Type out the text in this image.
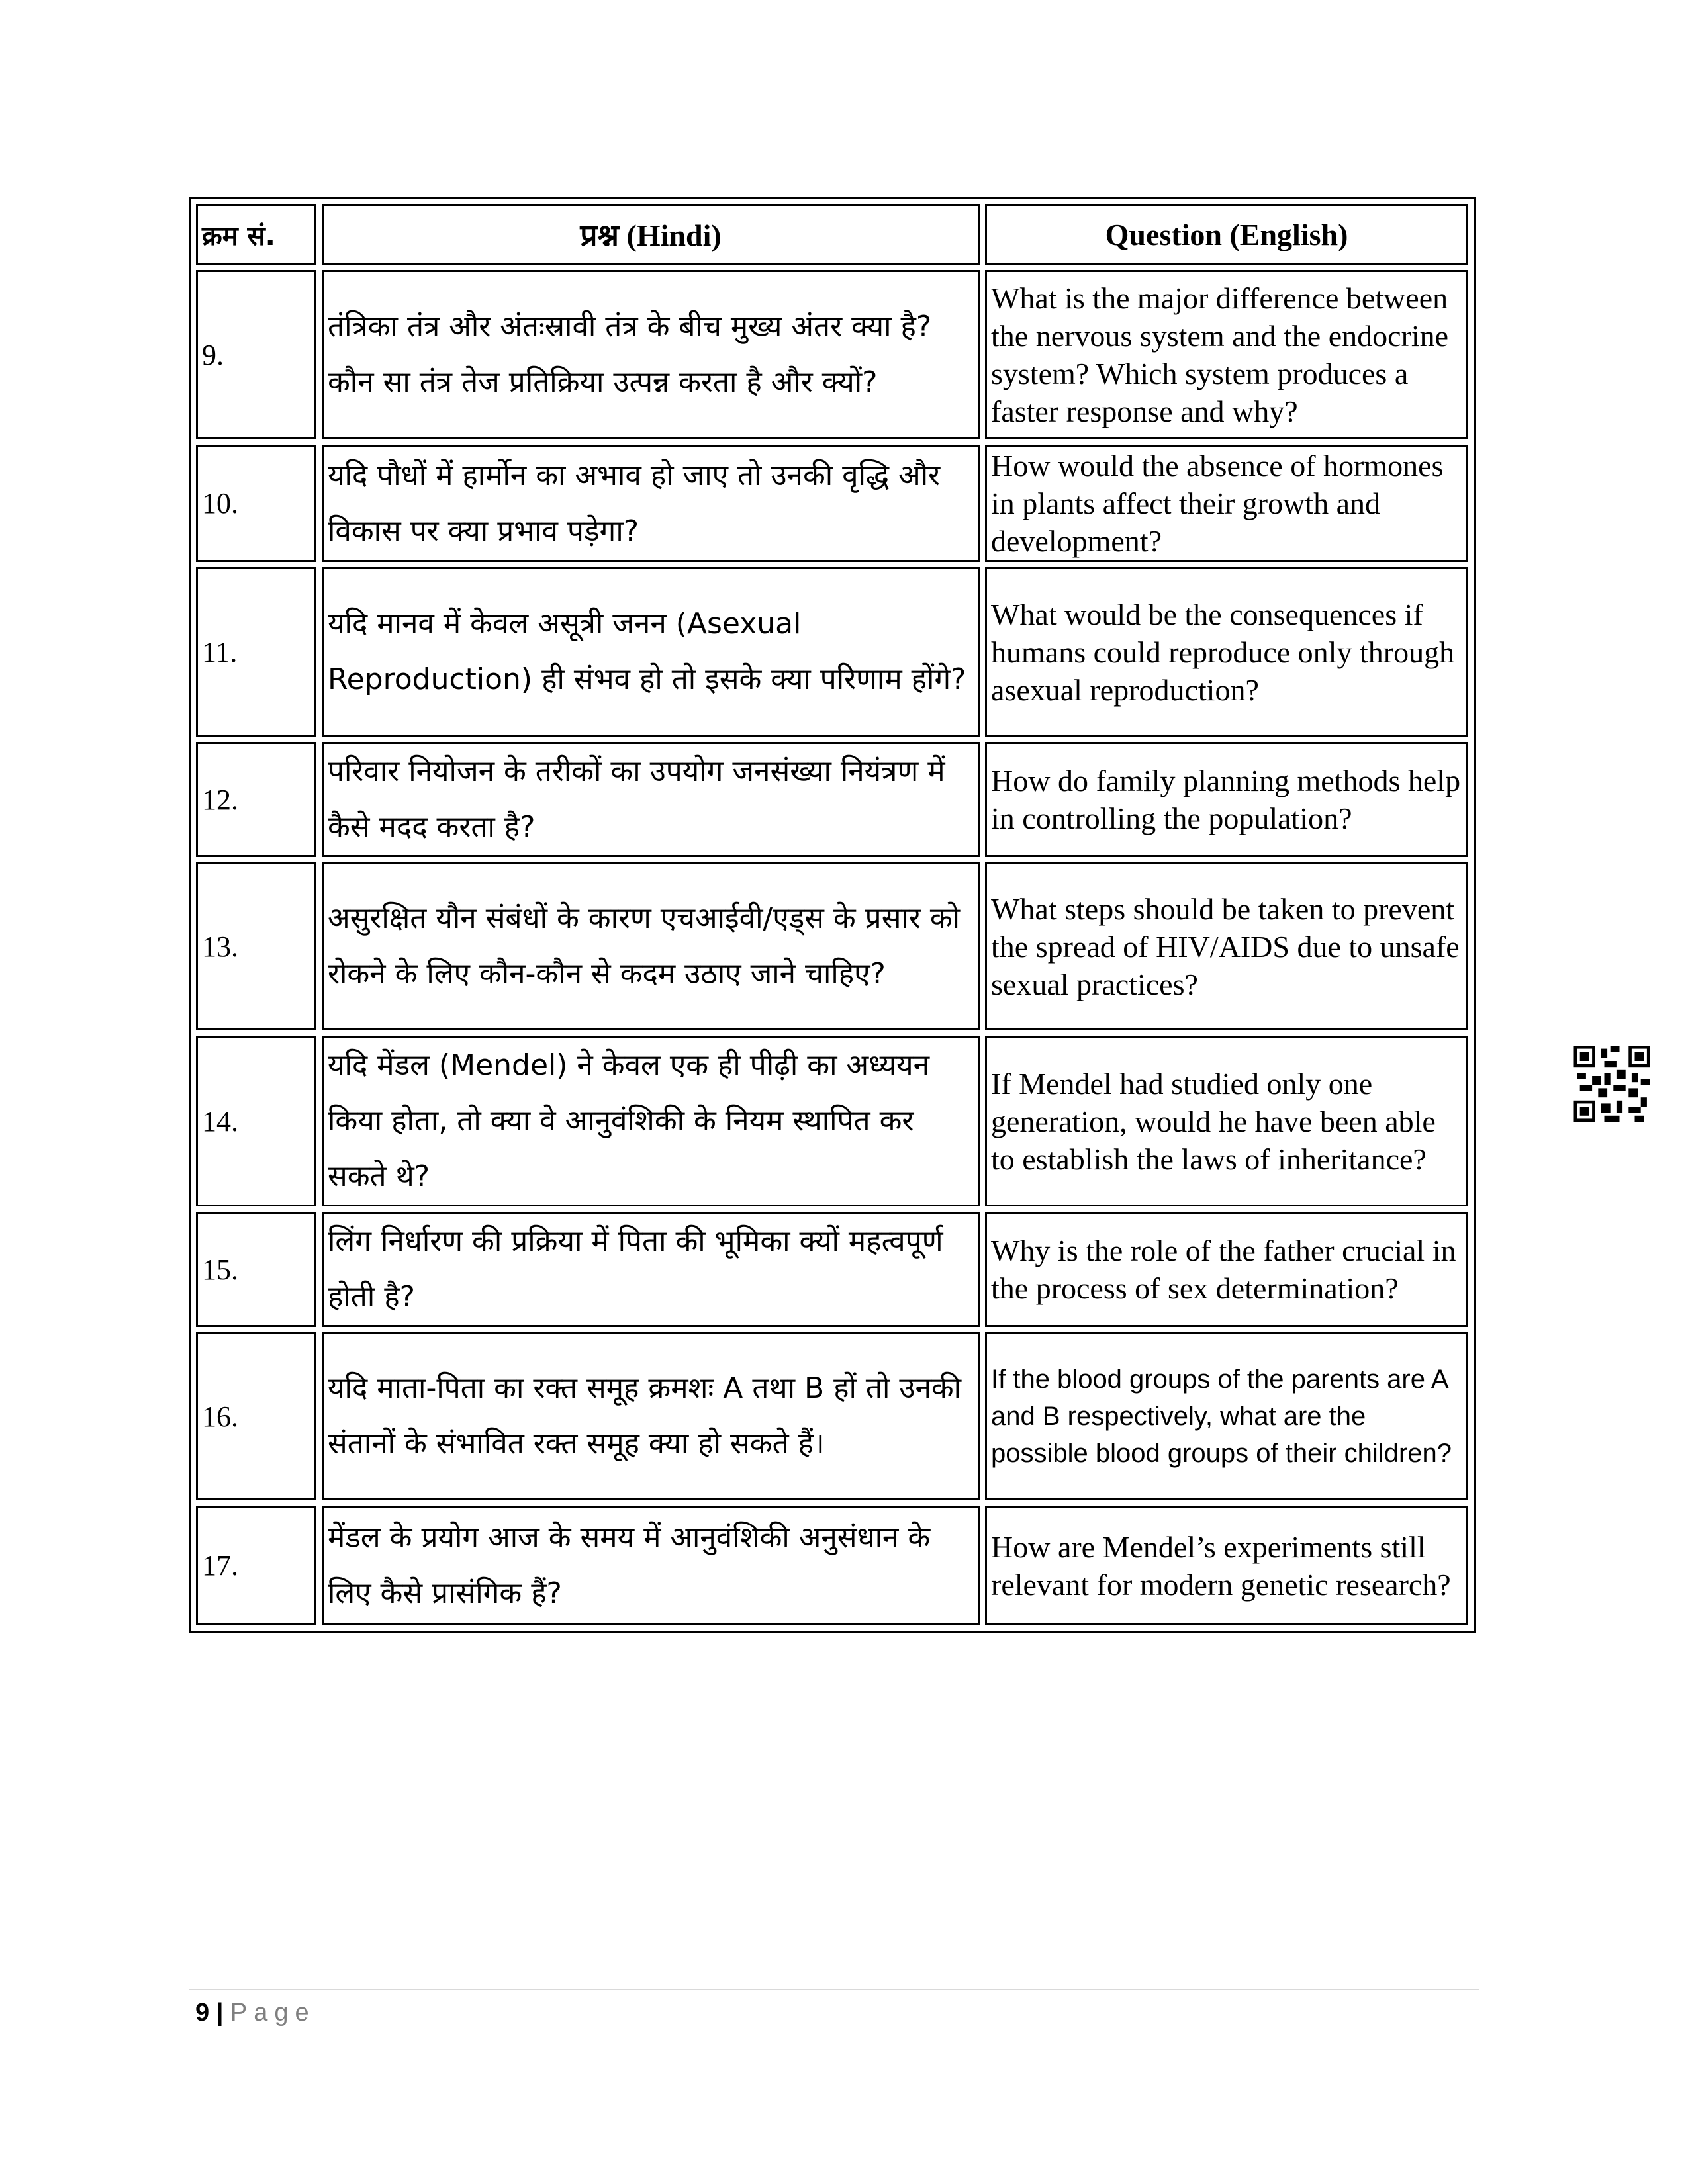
क्रम सं.	प्रश्न (Hindi)	Question (English)
9.	तंत्रिका तंत्र और अंतःस्रावी तंत्र के बीच मुख्य अंतर क्या है? कौन सा तंत्र तेज प्रतिक्रिया उत्पन्न करता है और क्यों?	What is the major difference between the nervous system and the endocrine system? Which system produces a faster response and why?
10.	यदि पौधों में हार्मोन का अभाव हो जाए तो उनकी वृद्धि और विकास पर क्या प्रभाव पड़ेगा?	How would the absence of hormones in plants affect their growth and development?
11.	यदि मानव में केवल असूत्री जनन (Asexual Reproduction) ही संभव हो तो इसके क्या परिणाम होंगे?	What would be the consequences if humans could reproduce only through asexual reproduction?
12.	परिवार नियोजन के तरीकों का उपयोग जनसंख्या नियंत्रण में कैसे मदद करता है?	How do family planning methods help in controlling the population?
13.	असुरक्षित यौन संबंधों के कारण एचआईवी/एड्स के प्रसार को रोकने के लिए कौन-कौन से कदम उठाए जाने चाहिए?	What steps should be taken to prevent the spread of HIV/AIDS due to unsafe sexual practices?
14.	यदि मेंडल (Mendel) ने केवल एक ही पीढ़ी का अध्ययन किया होता, तो क्या वे आनुवंशिकी के नियम स्थापित कर सकते थे?	If Mendel had studied only one generation, would he have been able to establish the laws of inheritance?
15.	लिंग निर्धारण की प्रक्रिया में पिता की भूमिका क्यों महत्वपूर्ण होती है?	Why is the role of the father crucial in the process of sex determination?
16.	यदि माता-पिता का रक्त समूह क्रमशः A तथा B हों तो उनकी संतानों के संभावित रक्त समूह क्या हो सकते हैं।	If the blood groups of the parents are A and B respectively, what are the possible blood groups of their children?
17.	मेंडल के प्रयोग आज के समय में आनुवंशिकी अनुसंधान के लिए कैसे प्रासंगिक हैं?	How are Mendel’s experiments still relevant for modern genetic research?
9 | Page
